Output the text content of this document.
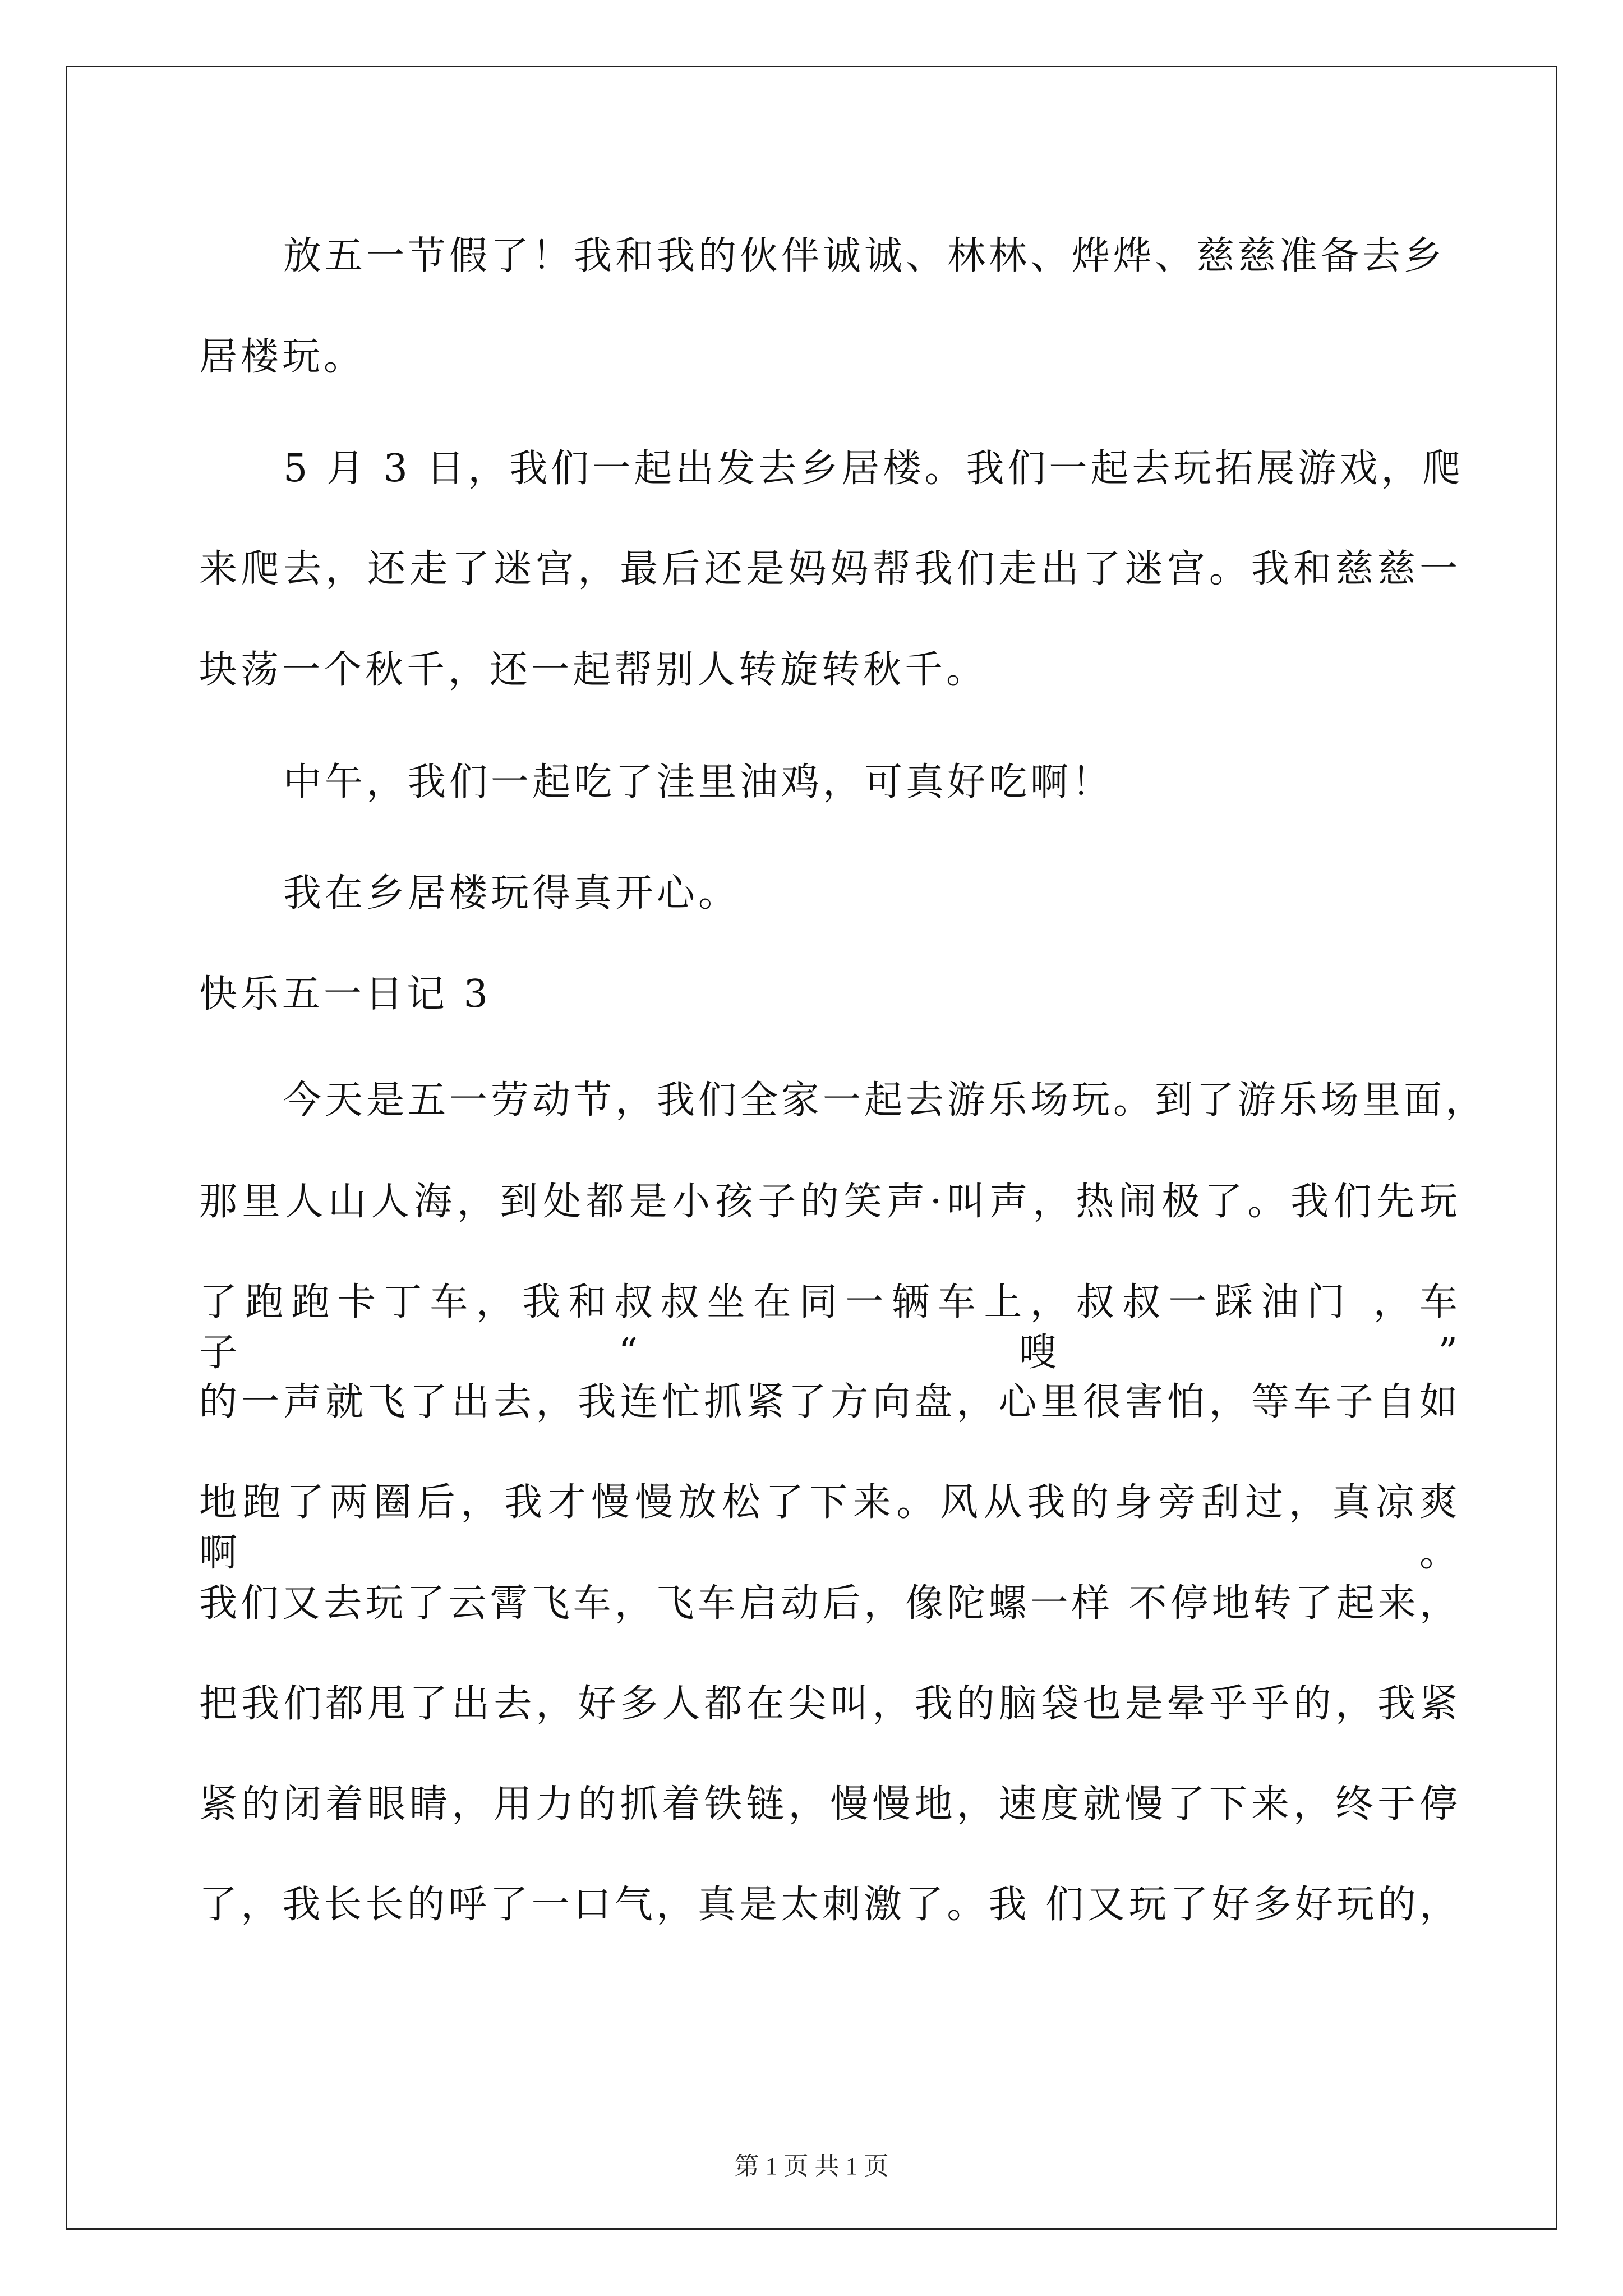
放五一节假了！我和我的伙伴诚诚、林林、烨烨、慈慈准备去乡
居楼玩。
5 月 3 日，我们一起出发去乡居楼。我们一起去玩拓展游戏，爬
来爬去，还走了迷宫，最后还是妈妈帮我们走出了迷宫。我和慈慈一
块荡一个秋千，还一起帮别人转旋转秋千。
中午，我们一起吃了洼里油鸡，可真好吃啊！
我在乡居楼玩得真开心。
快乐五一日记 3
今天是五一劳动节，我们全家一起去游乐场玩。到了游乐场里面，
那里人山人海，到处都是小孩子的笑声·叫声，热闹极了。我们先玩
了跑跑卡丁车，我和叔叔坐在同一辆车上，叔叔一踩油门 ，车子“嗖”
的一声就飞了出去，我连忙抓紧了方向盘，心里很害怕，等车子自如
地跑了两圈后，我才慢慢放松了下来。风从我的身旁刮过，真凉爽啊。
我们又去玩了云霄飞车，飞车启动后，像陀螺一样 不停地转了起来，
把我们都甩了出去，好多人都在尖叫，我的脑袋也是晕乎乎的，我紧
紧的闭着眼睛，用力的抓着铁链，慢慢地，速度就慢了下来，终于停
了，我长长的呼了一口气，真是太刺激了。我 们又玩了好多好玩的，
第 1 页 共 1 页
